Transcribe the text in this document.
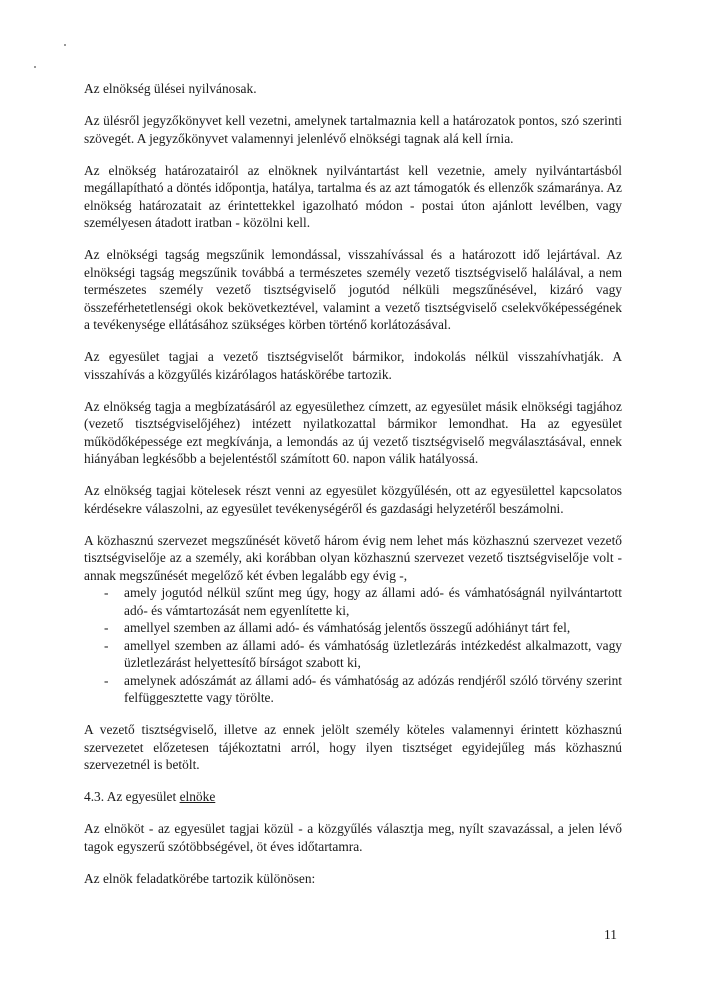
Az elnökség ülései nyilvánosak.

Az ülésről jegyzőkönyvet kell vezetni, amelynek tartalmaznia kell a határozatok pontos, szó szerinti szövegét. A jegyzőkönyvet valamennyi jelenlévő elnökségi tagnak alá kell írnia.

Az elnökség határozatairól az elnöknek nyilvántartást kell vezetnie, amely nyilvántartásból megállapítható a döntés időpontja, hatálya, tartalma és az azt támogatók és ellenzők számaránya. Az elnökség határozatait az érintettekkel igazolható módon - postai úton ajánlott levélben, vagy személyesen átadott iratban - közölni kell.

Az elnökségi tagság megszűnik lemondással, visszahívással és a határozott idő lejártával. Az elnökségi tagság megszűnik továbbá a természetes személy vezető tisztségviselő halálával, a nem természetes személy vezető tisztségviselő jogutód nélküli megszűnésével, kizáró vagy összeférhetetlenségi okok bekövetkeztével, valamint a vezető tisztségviselő cselekvőképességének a tevékenysége ellátásához szükséges körben történő korlátozásával.

Az egyesület tagjai a vezető tisztségviselőt bármikor, indokolás nélkül visszahívhatják. A visszahívás a közgyűlés kizárólagos hatáskörébe tartozik.

Az elnökség tagja a megbízatásáról az egyesülethez címzett, az egyesület másik elnökségi tagjához (vezető tisztségviselőjéhez) intézett nyilatkozattal bármikor lemondhat. Ha az egyesület működőképessége ezt megkívánja, a lemondás az új vezető tisztségviselő megválasztásával, ennek hiányában legkésőbb a bejelentéstől számított 60. napon válik hatályossá.

Az elnökség tagjai kötelesek részt venni az egyesület közgyűlésén, ott az egyesülettel kapcsolatos kérdésekre válaszolni, az egyesület tevékenységéről és gazdasági helyzetéről beszámolni.

A közhasznú szervezet megszűnését követő három évig nem lehet más közhasznú szervezet vezető tisztségviselője az a személy, aki korábban olyan közhasznú szervezet vezető tisztségviselője volt - annak megszűnését megelőző két évben legalább egy évig -,

- amely jogutód nélkül szűnt meg úgy, hogy az állami adó- és vámhatóságnál nyilvántartott adó- és vámtartozását nem egyenlítette ki,
- amellyel szemben az állami adó- és vámhatóság jelentős összegű adóhiányt tárt fel,
- amellyel szemben az állami adó- és vámhatóság üzletlezárás intézkedést alkalmazott, vagy üzletlezárást helyettesítő bírságot szabott ki,
- amelynek adószámát az állami adó- és vámhatóság az adózás rendjéről szóló törvény szerint felfüggesztette vagy törölte.

A vezető tisztségviselő, illetve az ennek jelölt személy köteles valamennyi érintett közhasznú szervezetet előzetesen tájékoztatni arról, hogy ilyen tisztséget egyidejűleg más közhasznú szervezetnél is betölt.

4.3. Az egyesület elnöke

Az elnököt - az egyesület tagjai közül - a közgyűlés választja meg, nyílt szavazással, a jelen lévő tagok egyszerű szótöbbségével, öt éves időtartamra.

Az elnök feladatkörébe tartozik különösen:

11
